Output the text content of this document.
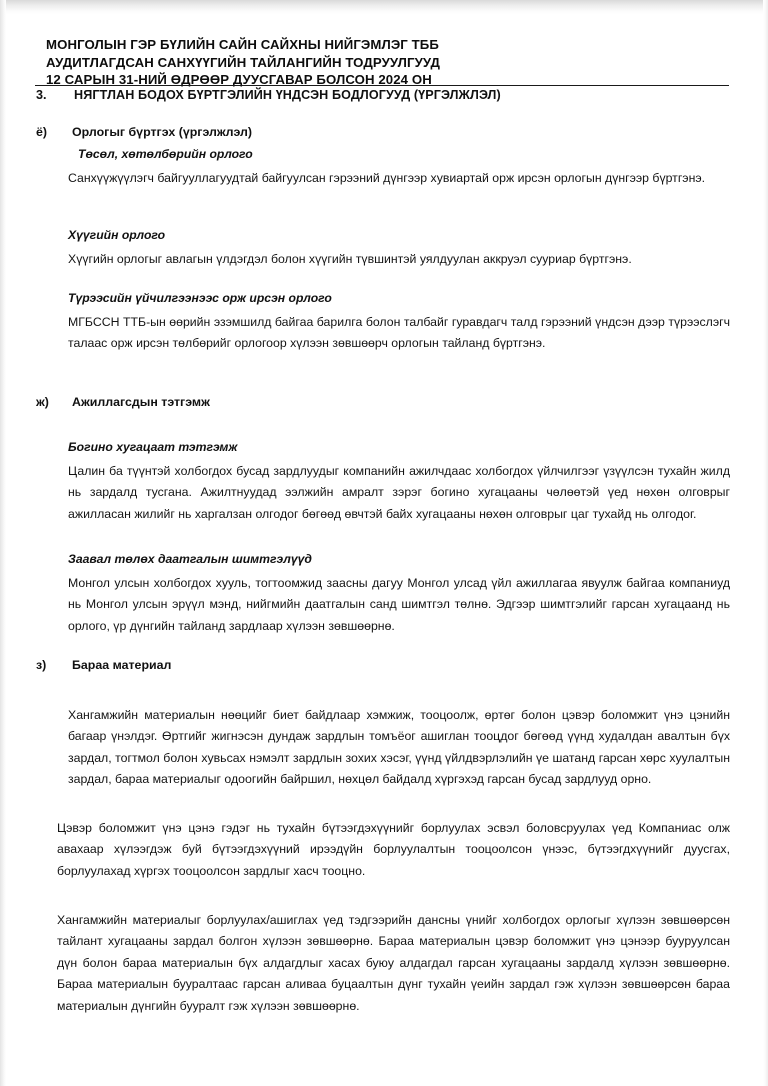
МОНГОЛЫН ГЭР БҮЛИЙН САЙН САЙХНЫ НИЙГЭМЛЭГ ТББ
АУДИТЛАГДСАН САНХҮҮГИЙН ТАЙЛАНГИЙН ТОДРУУЛГУУД
12 САРЫН 31-НИЙ ӨДРӨӨР ДУУСГАВАР БОЛСОН 2024 ОН
3.	НЯГТЛАН БОДОХ БҮРТГЭЛИЙН ҮНДСЭН БОДЛОГУУД (ҮРГЭЛЖЛЭЛ)
ё)	Орлогыг бүртгэх (үргэлжлэл)
Төсөл, хөтөлбөрийн орлого
Санхүүжүүлэгч байгууллагуудтай байгуулсан гэрээний дүнгээр хувиартай орж ирсэн орлогын дүнгээр бүртгэнэ.
Хүүгийн орлого
Хүүгийн орлогыг авлагын үлдэгдэл болон хүүгийн түвшинтэй уялдуулан аккруэл сууриар бүртгэнэ.
Түрээсийн үйчилгээнээс орж ирсэн орлого
МГБССН ТТБ-ын өөрийн эзэмшилд байгаа барилга болон талбайг гуравдагч талд гэрээний үндсэн дээр түрээслэгч талаас орж ирсэн төлбөрийг орлогоор хүлээн зөвшөөрч орлогын тайланд бүртгэнэ.
ж)	Ажиллагсдын тэтгэмж
Богино хугацаат тэтгэмж
Цалин ба түүнтэй холбогдох бусад зардлуудыг компанийн ажилчдаас холбогдох үйлчилгээг үзүүлсэн тухайн жилд нь зардалд тусгана. Ажилтнуудад ээлжийн амралт зэрэг богино хугацааны чөлөөтэй үед нөхөн олговрыг ажилласан жилийг нь харгалзан олгодог бөгөөд өвчтэй байх хугацааны нөхөн олговрыг цаг тухайд нь олгодог.
Заавал төлөх даатгалын шимтгэлүүд
Монгол улсын холбогдох хууль, тогтоомжид заасны дагуу Монгол улсад үйл ажиллагаа явуулж байгаа компаниуд нь Монгол улсын эрүүл мэнд, нийгмийн даатгалын санд шимтгэл төлнө. Эдгээр шимтгэлийг гарсан хугацаанд нь орлого, үр дүнгийн тайланд зардлаар хүлээн зөвшөөрнө.
з)	Бараа материал
Хангамжийн материалын нөөцийг биет байдлаар хэмжиж, тооцоолж, өртөг болон цэвэр боломжит үнэ цэнийн багаар үнэлдэг. Өртгийг жигнэсэн дундаж зардлын томъёог ашиглан тооцдог бөгөөд үүнд худалдан авалтын бүх зардал, тогтмол болон хувьсах нэмэлт зардлын зохих хэсэг, үүнд үйлдвэрлэлийн үе шатанд гарсан хөрс хуулалтын зардал, бараа материалыг одоогийн байршил, нөхцөл байдалд хүргэхэд гарсан бусад зардлууд орно.
Цэвэр боломжит үнэ цэнэ гэдэг нь тухайн бүтээгдэхүүнийг борлуулах эсвэл боловсруулах үед Компаниас олж авахаар хүлээгдэж буй бүтээгдэхүүний ирээдүйн борлуулалтын тооцоолсон үнээс, бүтээгдхүүнийг дуусгах, борлуулахад хүргэх тооцоолсон зардлыг хасч тооцно.
Хангамжийн материалыг борлуулах/ашиглах үед тэдгээрийн дансны үнийг холбогдох орлогыг хүлээн зөвшөөрсөн тайлант хугацааны зардал болгон хүлээн зөвшөөрнө. Бараа материалын цэвэр боломжит үнэ цэнээр бууруулсан дүн болон бараа материалын бүх алдагдлыг хасах буюу алдагдал гарсан хугацааны зардалд хүлээн зөвшөөрнө. Бараа материалын бууралтаас гарсан аливаа буцаалтын дүнг тухайн үеийн зардал гэж хүлээн зөвшөөрсөн бараа материалын дүнгийн бууралт гэж хүлээн зөвшөөрнө.
